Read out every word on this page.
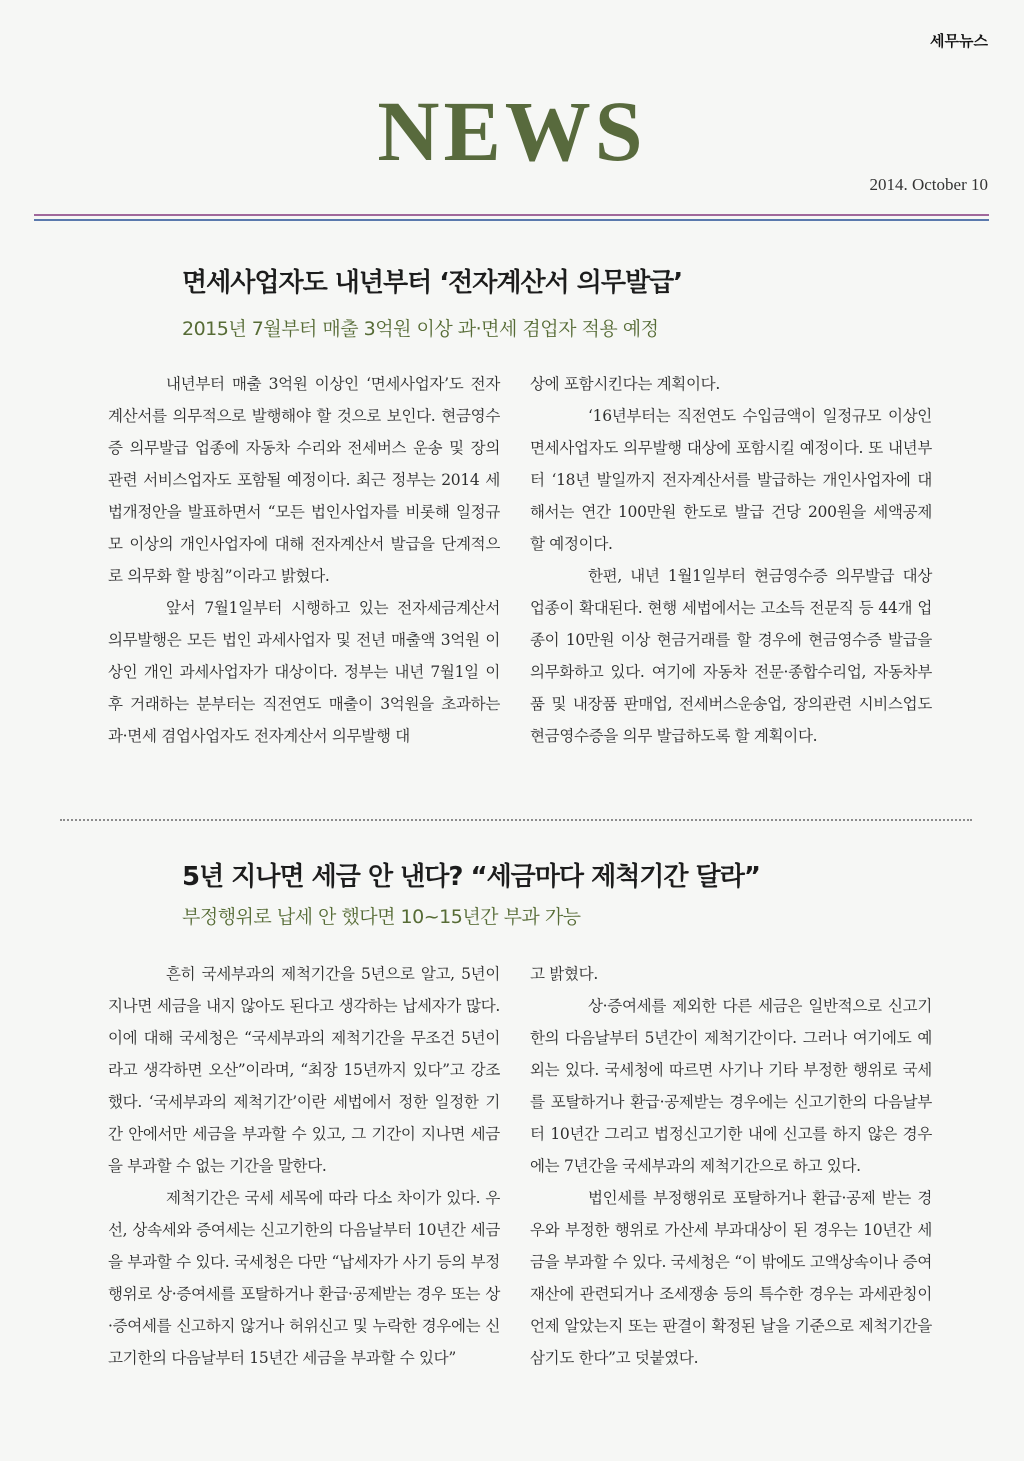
세무뉴스
NEWS
2014. October 10
면세사업자도 내년부터 ‘전자계산서 의무발급’
2015년 7월부터 매출 3억원 이상 과·면세 겸업자 적용 예정

내년부터 매출 3억원 이상인 ‘면세사업자’도 전자계산서를 의무적으로 발행해야 할 것으로 보인다. 현금영수증 의무발급 업종에 자동차 수리와 전세버스 운송 및 장의 관련 서비스업자도 포함될 예정이다. 최근 정부는 2014 세법개정안을 발표하면서 “모든 법인사업자를 비롯해 일정규모 이상의 개인사업자에 대해 전자계산서 발급을 단계적으로 의무화 할 방침”이라고 밝혔다.

앞서 7월1일부터 시행하고 있는 전자세금계산서 의무발행은 모든 법인 과세사업자 및 전년 매출액 3억원 이상인 개인 과세사업자가 대상이다. 정부는 내년 7월1일 이후 거래하는 분부터는 직전연도 매출이 3억원을 초과하는 과·면세 겸업사업자도 전자계산서 의무발행 대

상에 포함시킨다는 계획이다.

‘16년부터는 직전연도 수입금액이 일정규모 이상인 면세사업자도 의무발행 대상에 포함시킬 예정이다. 또 내년부터 ‘18년 발일까지 전자계산서를 발급하는 개인사업자에 대해서는 연간 100만원 한도로 발급 건당 200원을 세액공제 할 예정이다.

한편, 내년 1월1일부터 현금영수증 의무발급 대상 업종이 확대된다. 현행 세법에서는 고소득 전문직 등 44개 업종이 10만원 이상 현금거래를 할 경우에 현금영수증 발급을 의무화하고 있다. 여기에 자동차 전문·종합수리업, 자동차부품 및 내장품 판매업, 전세버스운송업, 장의관련 시비스업도 현금영수증을 의무 발급하도록 할 계획이다.

5년 지나면 세금 안 낸다? “세금마다 제척기간 달라”
부정행위로 납세 안 했다면 10~15년간 부과 가능

흔히 국세부과의 제척기간을 5년으로 알고, 5년이 지나면 세금을 내지 않아도 된다고 생각하는 납세자가 많다. 이에 대해 국세청은 “국세부과의 제척기간을 무조건 5년이라고 생각하면 오산”이라며, “최장 15년까지 있다”고 강조했다. ‘국세부과의 제척기간’이란 세법에서 정한 일정한 기간 안에서만 세금을 부과할 수 있고, 그 기간이 지나면 세금을 부과할 수 없는 기간을 말한다.

제척기간은 국세 세목에 따라 다소 차이가 있다. 우선, 상속세와 증여세는 신고기한의 다음날부터 10년간 세금을 부과할 수 있다. 국세청은 다만 “납세자가 사기 등의 부정행위로 상·증여세를 포탈하거나 환급·공제받는 경우 또는 상·증여세를 신고하지 않거나 허위신고 및 누락한 경우에는 신고기한의 다음날부터 15년간 세금을 부과할 수 있다”

고 밝혔다.

상·증여세를 제외한 다른 세금은 일반적으로 신고기한의 다음날부터 5년간이 제척기간이다. 그러나 여기에도 예외는 있다. 국세청에 따르면 사기나 기타 부정한 행위로 국세를 포탈하거나 환급·공제받는 경우에는 신고기한의 다음날부터 10년간 그리고 법정신고기한 내에 신고를 하지 않은 경우에는 7년간을 국세부과의 제척기간으로 하고 있다.

법인세를 부정행위로 포탈하거나 환급·공제 받는 경우와 부정한 행위로 가산세 부과대상이 된 경우는 10년간 세금을 부과할 수 있다. 국세청은 “이 밖에도 고액상속이나 증여재산에 관련되거나 조세쟁송 등의 특수한 경우는 과세관칭이 언제 알았는지 또는 판결이 확정된 날을 기준으로 제척기간을 삼기도 한다”고 덧붙였다.
